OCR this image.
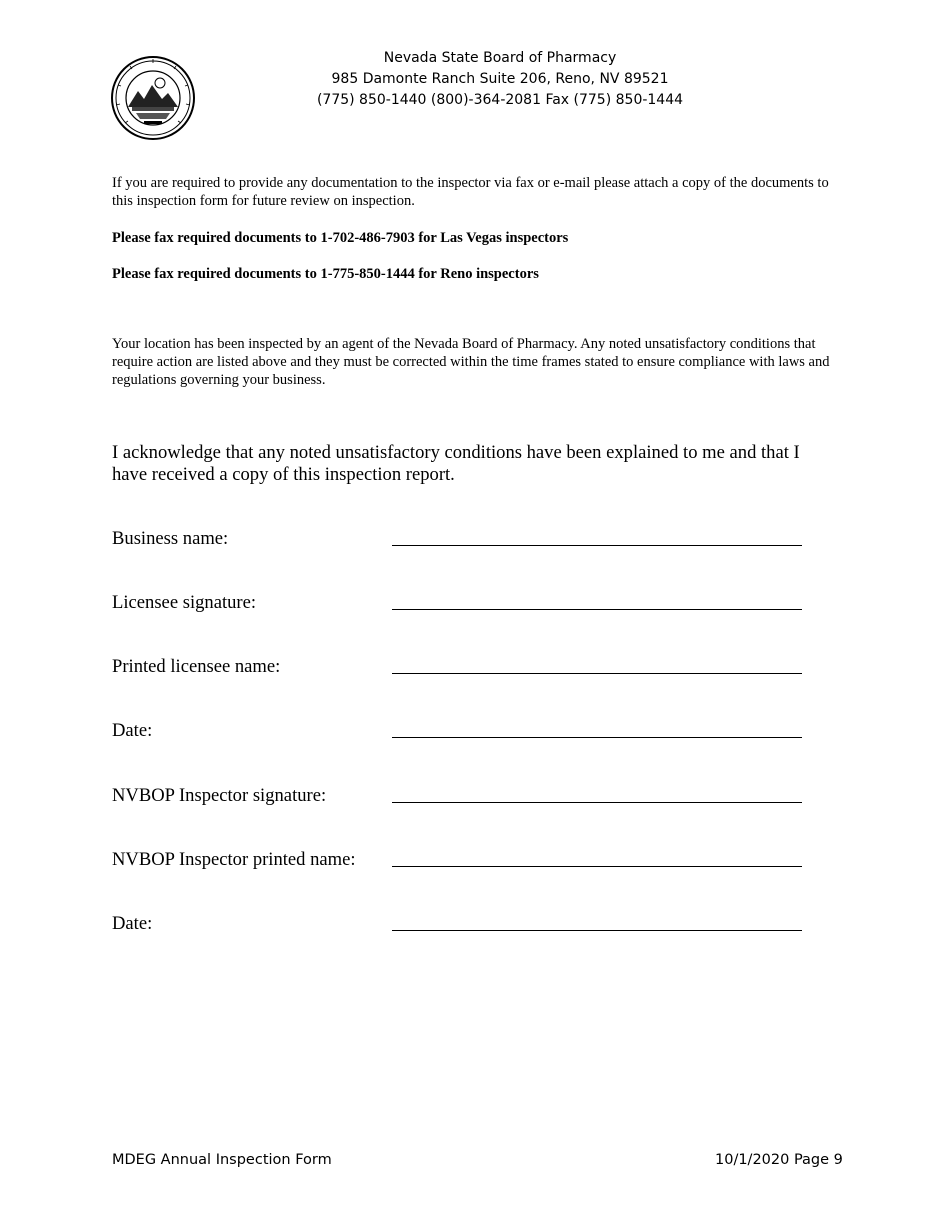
Nevada State Board of Pharmacy
985 Damonte Ranch Suite 206, Reno, NV 89521
(775) 850-1440 (800)-364-2081 Fax (775) 850-1444
If you are required to provide any documentation to the inspector via fax or e-mail please attach a copy of the documents to this inspection form for future review on inspection.
Please fax required documents to 1-702-486-7903 for Las Vegas inspectors
Please fax required documents to 1-775-850-1444 for Reno inspectors
Your location has been inspected by an agent of the Nevada Board of Pharmacy. Any noted unsatisfactory conditions that require action are listed above and they must be corrected within the time frames stated to ensure compliance with laws and regulations governing your business.
I acknowledge that any noted unsatisfactory conditions have been explained to me and that I have received a copy of this inspection report.
Business name:
Licensee signature:
Printed licensee name:
Date:
NVBOP Inspector signature:
NVBOP Inspector printed name:
Date:
MDEG Annual Inspection Form	10/1/2020 Page 9
